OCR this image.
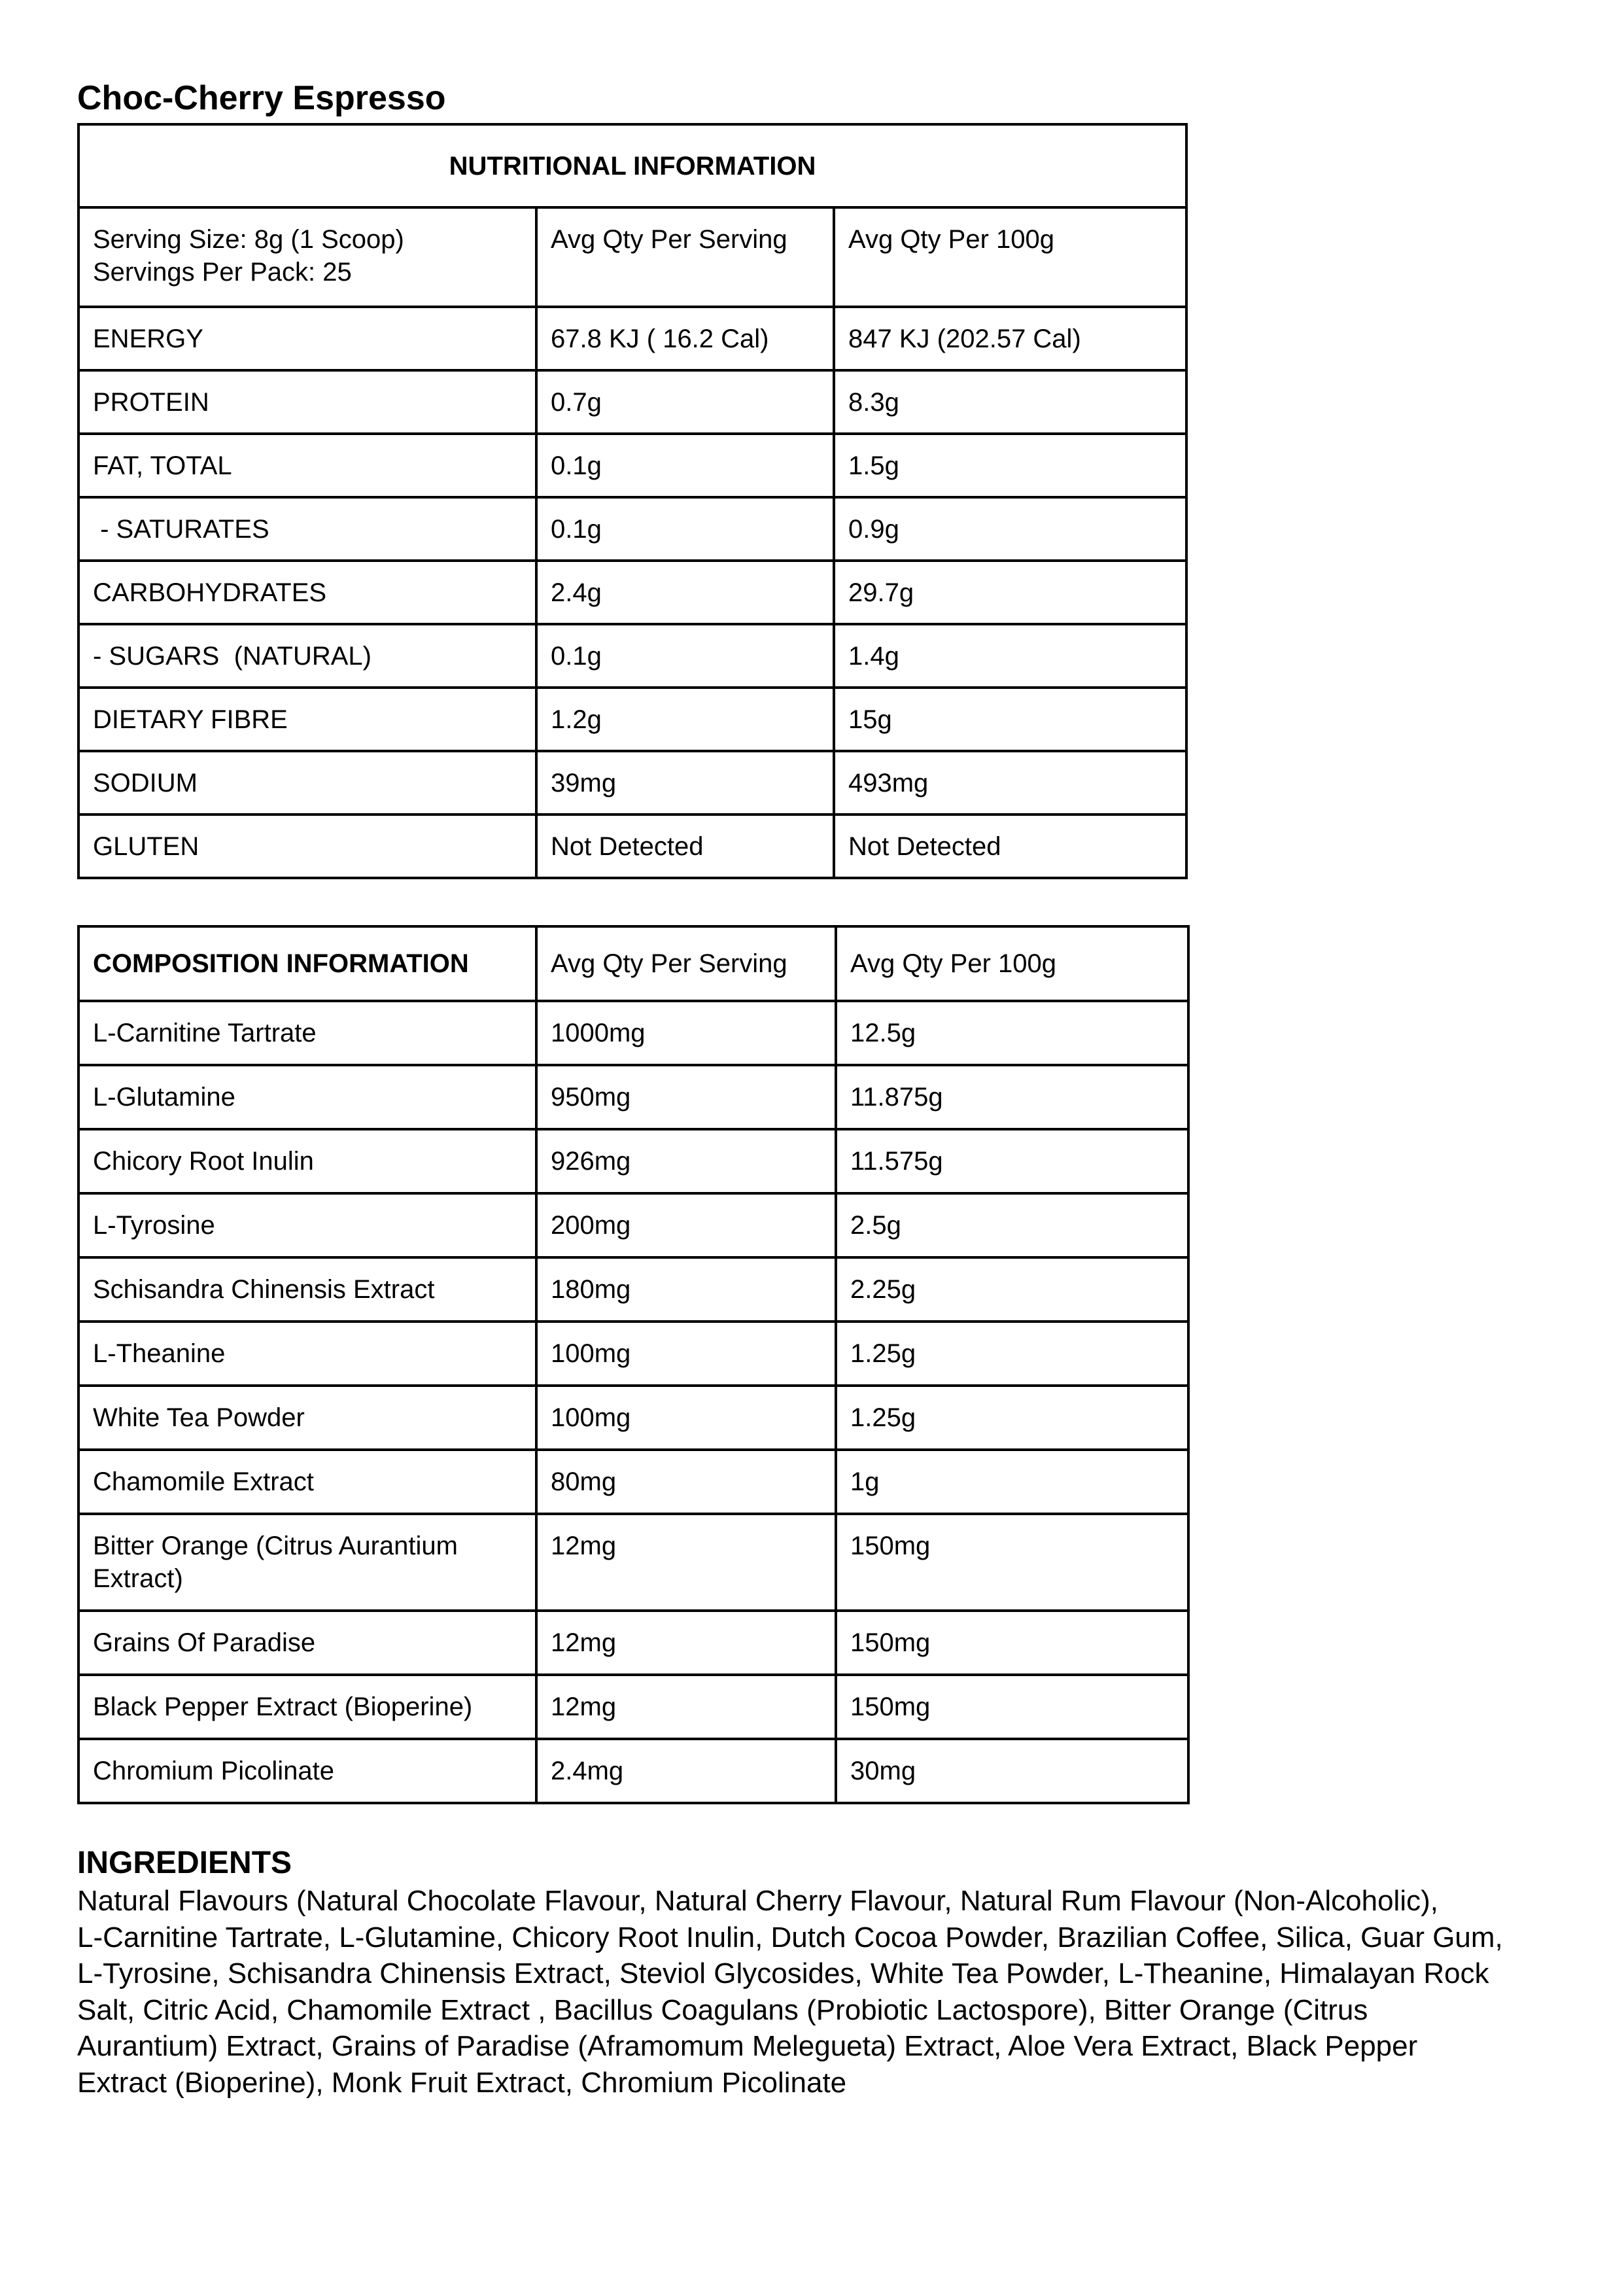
Choc-Cherry Espresso
NUTRITIONAL INFORMATION		

Serving Size: 8g (1 Scoop)
Servings Per Pack: 25	Avg Qty Per Serving	Avg Qty Per 100g
ENERGY	67.8 KJ ( 16.2 Cal)	847 KJ (202.57 Cal)
PROTEIN	0.7g	8.3g
FAT, TOTAL	0.1g	1.5g
- SATURATES	0.1g	0.9g
CARBOHYDRATES	2.4g	29.7g
- SUGARS  (NATURAL)	0.1g	1.4g
DIETARY FIBRE	1.2g	15g
SODIUM	39mg	493mg
GLUTEN	Not Detected	Not Detected
COMPOSITION INFORMATION	Avg Qty Per Serving	Avg Qty Per 100g
L-Carnitine Tartrate	1000mg	12.5g
L-Glutamine	950mg	11.875g
Chicory Root Inulin	926mg	11.575g
L-Tyrosine	200mg	2.5g
Schisandra Chinensis Extract	180mg	2.25g
L-Theanine	100mg	1.25g
White Tea Powder	100mg	1.25g
Chamomile Extract	80mg	1g
Bitter Orange (Citrus Aurantium Extract)	12mg	150mg
Grains Of Paradise	12mg	150mg
Black Pepper Extract (Bioperine)	12mg	150mg
Chromium Picolinate	2.4mg	30mg
INGREDIENTS
Natural Flavours (Natural Chocolate Flavour, Natural Cherry Flavour, Natural Rum Flavour (Non-Alcoholic),
L-Carnitine Tartrate, L-Glutamine, Chicory Root Inulin, Dutch Cocoa Powder, Brazilian Coffee, Silica, Guar Gum,
L-Tyrosine, Schisandra Chinensis Extract, Steviol Glycosides, White Tea Powder, L-Theanine, Himalayan Rock
Salt, Citric Acid, Chamomile Extract , Bacillus Coagulans (Probiotic Lactospore), Bitter Orange (Citrus
Aurantium) Extract, Grains of Paradise (Aframomum Melegueta) Extract, Aloe Vera Extract, Black Pepper
Extract (Bioperine), Monk Fruit Extract, Chromium Picolinate
